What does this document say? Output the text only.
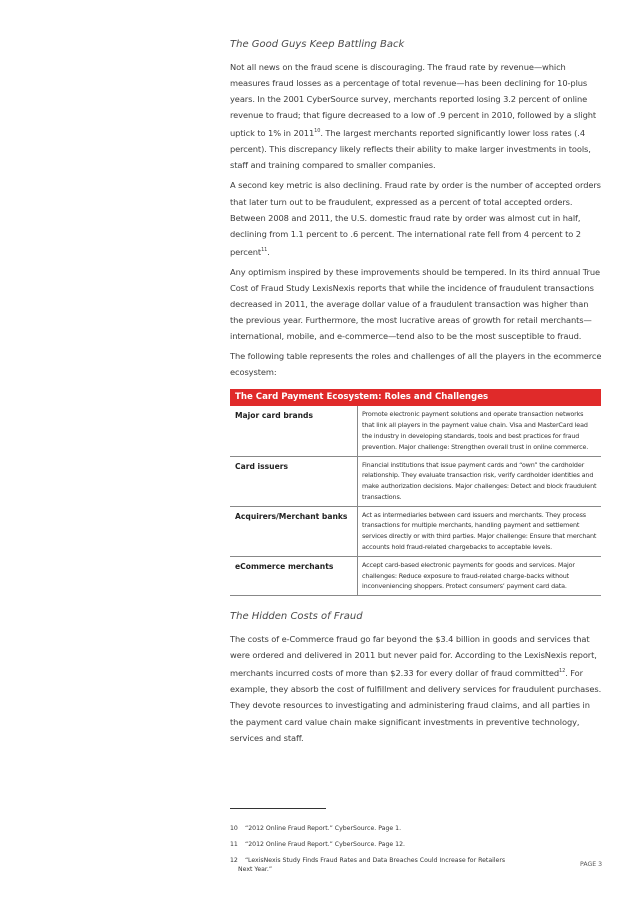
The Good Guys Keep Battling Back

Not all news on the fraud scene is discouraging. The fraud rate by revenue—which measures fraud losses as a percentage of total revenue—has been declining for 10-plus years. In the 2001 CyberSource survey, merchants reported losing 3.2 percent of online revenue to fraud; that figure decreased to a low of .9 percent in 2010, followed by a slight uptick to 1% in 2011$^{10}$. The largest merchants reported significantly lower loss rates (.4 percent). This discrepancy likely reflects their ability to make larger investments in tools, staff and training compared to smaller companies.

A second key metric is also declining. Fraud rate by order is the number of accepted orders that later turn out to be fraudulent, expressed as a percent of total accepted orders. Between 2008 and 2011, the U.S. domestic fraud rate by order was almost cut in half, declining from 1.1 percent to .6 percent. The international rate fell from 4 percent to 2 percent$^{11}$.

Any optimism inspired by these improvements should be tempered. In its third annual True Cost of Fraud Study LexisNexis reports that while the incidence of fraudulent transactions decreased in 2011, the average dollar value of a fraudulent transaction was higher than the previous year. Furthermore, the most lucrative areas of growth for retail merchants—international, mobile, and e-commerce—tend also to be the most susceptible to fraud.

The following table represents the roles and challenges of all the players in the ecommerce ecosystem:

The Card Payment Ecosystem: Roles and Challenges
Major card brands	Promote electronic payment solutions and operate transaction networks that link all players in the payment value chain. Visa and MasterCard lead the industry in developing standards, tools and best practices for fraud prevention. Major challenge: Strengthen overall trust in online commerce.
Card issuers	Financial institutions that issue payment cards and “own” the cardholder relationship. They evaluate transaction risk, verify cardholder identities and make authorization decisions. Major challenges: Detect and block fraudulent transactions.
Acquirers/Merchant banks	Act as intermediaries between card issuers and merchants. They process transactions for multiple merchants, handling payment and settlement services directly or with third parties. Major challenge: Ensure that merchant accounts hold fraud-related chargebacks to acceptable levels.
eCommerce merchants	Accept card-based electronic payments for goods and services. Major challenges: Reduce exposure to fraud-related charge-backs without inconveniencing shoppers. Protect consumers’ payment card data.
The Hidden Costs of Fraud

The costs of e-Commerce fraud go far beyond the $3.4 billion in goods and services that were ordered and delivered in 2011 but never paid for. According to the LexisNexis report, merchants incurred costs of more than $2.33 for every dollar of fraud committed$^{12}$. For example, they absorb the cost of fulfillment and delivery services for fraudulent purchases. They devote resources to investigating and administering fraud claims, and all parties in the payment card value chain make significant investments in preventive technology, services and staff.

10 “2012 Online Fraud Report.” CyberSource. Page 1.
11 “2012 Online Fraud Report.” CyberSource. Page 12.
12 “LexisNexis Study Finds Fraud Rates and Data Breaches Could Increase for Retailers
Next Year.”
PAGE 3
